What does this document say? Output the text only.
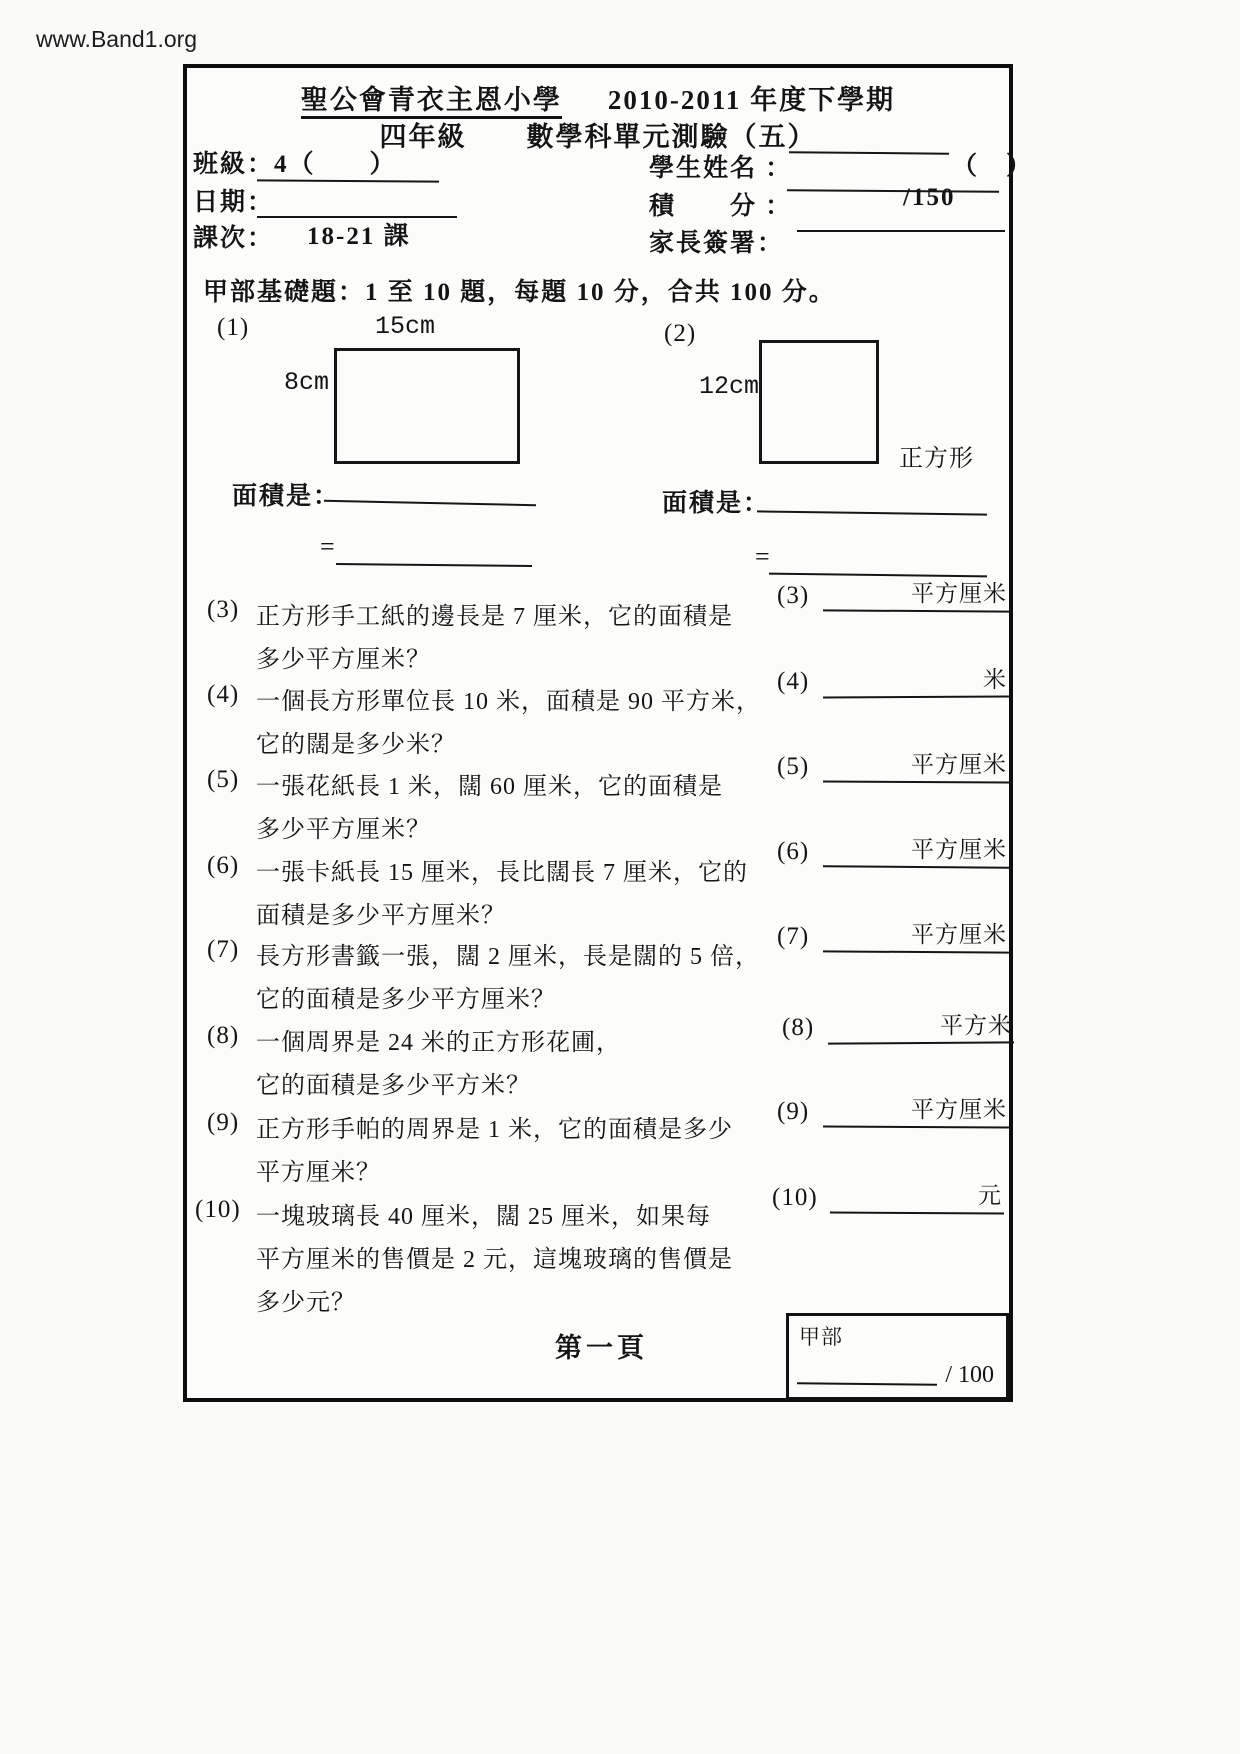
www.Band1.org
聖公會青衣主恩小學 2010-2011 年度下學期
四年級 數學科單元測驗（五）
班級：4（　　）
日期：
課次： 18-21 課
學生姓名 ：	（　）
積　　分 ：	/150
家長簽署：
甲部基礎題：1 至 10 題，每題 10 分，合共 100 分。
(1)	15cm
8cm
面積是：
=
(2)
12cm
正方形
面積是：
=
(3) 正方形手工紙的邊長是 7 厘米，它的面積是
多少平方厘米？
(3)	平方厘米
(4) 一個長方形單位長 10 米，面積是 90 平方米，
它的闊是多少米？
(4)	米
(5) 一張花紙長 1 米，闊 60 厘米，它的面積是
多少平方厘米？
(5)	平方厘米
(6) 一張卡紙長 15 厘米，長比闊長 7 厘米，它的
面積是多少平方厘米？
(6)	平方厘米
(7) 長方形書籤一張，闊 2 厘米，長是闊的 5 倍，
它的面積是多少平方厘米？
(7)	平方厘米
(8) 一個周界是 24 米的正方形花圃，
它的面積是多少平方米？
(8)	平方米
(9) 正方形手帕的周界是 1 米，它的面積是多少
平方厘米？
(9)	平方厘米
(10) 一塊玻璃長 40 厘米，闊 25 厘米，如果每
平方厘米的售價是 2 元，這塊玻璃的售價是
多少元？
(10)	元
第一頁	甲部
/ 100
